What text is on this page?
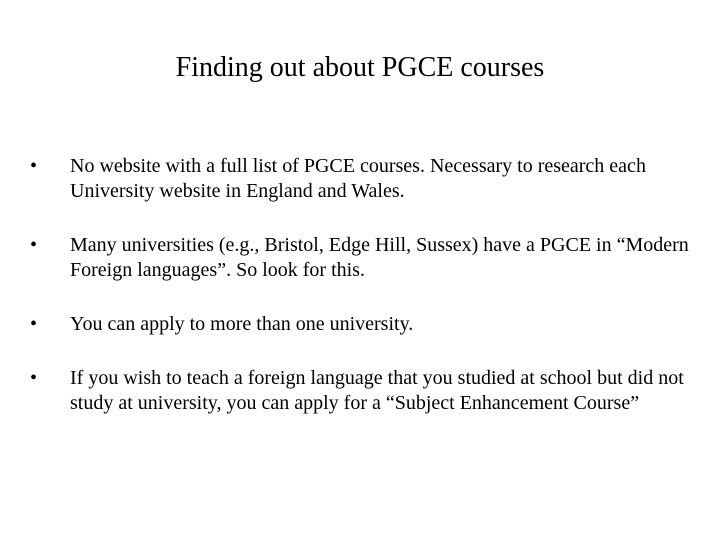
Finding out about PGCE courses
•	No website with a full list of PGCE courses. Necessary to research each University website in England and Wales.
•	Many universities (e.g., Bristol, Edge Hill, Sussex) have a PGCE in “Modern Foreign languages”. So look for this.
•	You can apply to more than one university.
•	If you wish to teach a foreign language that you studied at school but did not study at university, you can apply for a “Subject Enhancement Course”
